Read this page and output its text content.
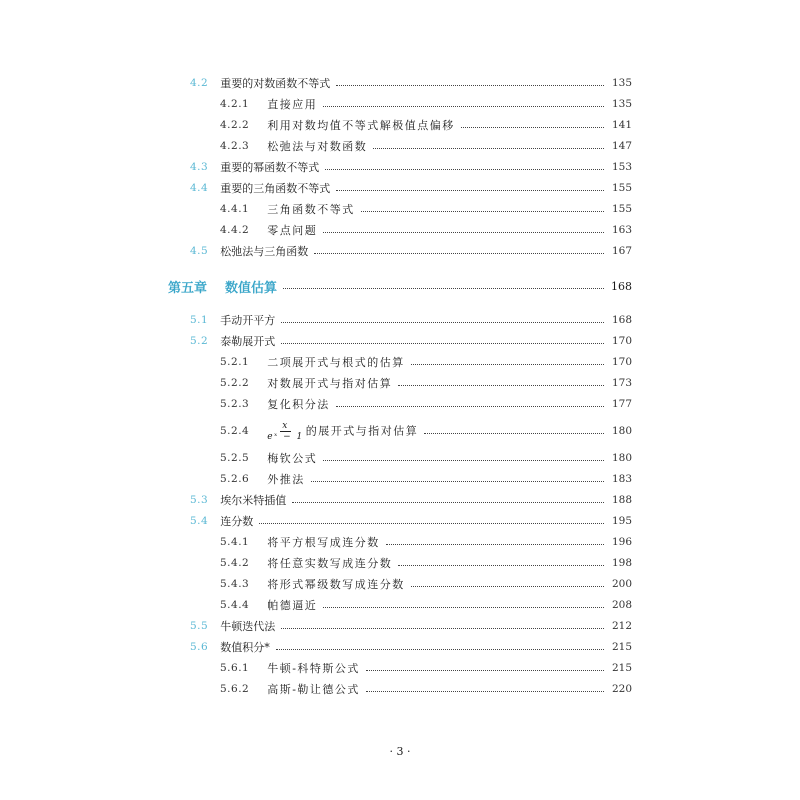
4.2 重要的对数函数不等式	135
4.2.1 直接应用	135
4.2.2 利用对数均值不等式解极值点偏移	141
4.2.3 松弛法与对数函数	147
4.3 重要的幂函数不等式	153
4.4 重要的三角函数不等式	155
4.4.1 三角函数不等式	155
4.4.2 零点问题	163
4.5 松弛法与三角函数	167
第五章 数值估算	168
5.1 手动开平方	168
5.2 泰勒展开式	170
5.2.1 二项展开式与根式的估算	170
5.2.2 对数展开式与指对估算	173
5.2.3 复化积分法	177
$5.2.4 \frac{x}{\text{eˣ − 1}}$ 的展开式与指对估算	180
5.2.5 梅钦公式	180
5.2.6 外推法	183
5.3 埃尔米特插值	188
5.4 连分数	195
5.4.1 将平方根写成连分数	196
5.4.2 将任意实数写成连分数	198
5.4.3 将形式幂级数写成连分数	200
5.4.4 帕德逼近	208
5.5 牛顿迭代法	212
5.6 数值积分*	215
5.6.1 牛顿-科特斯公式	215
5.6.2 高斯-勒让德公式	220
· 3 ·
